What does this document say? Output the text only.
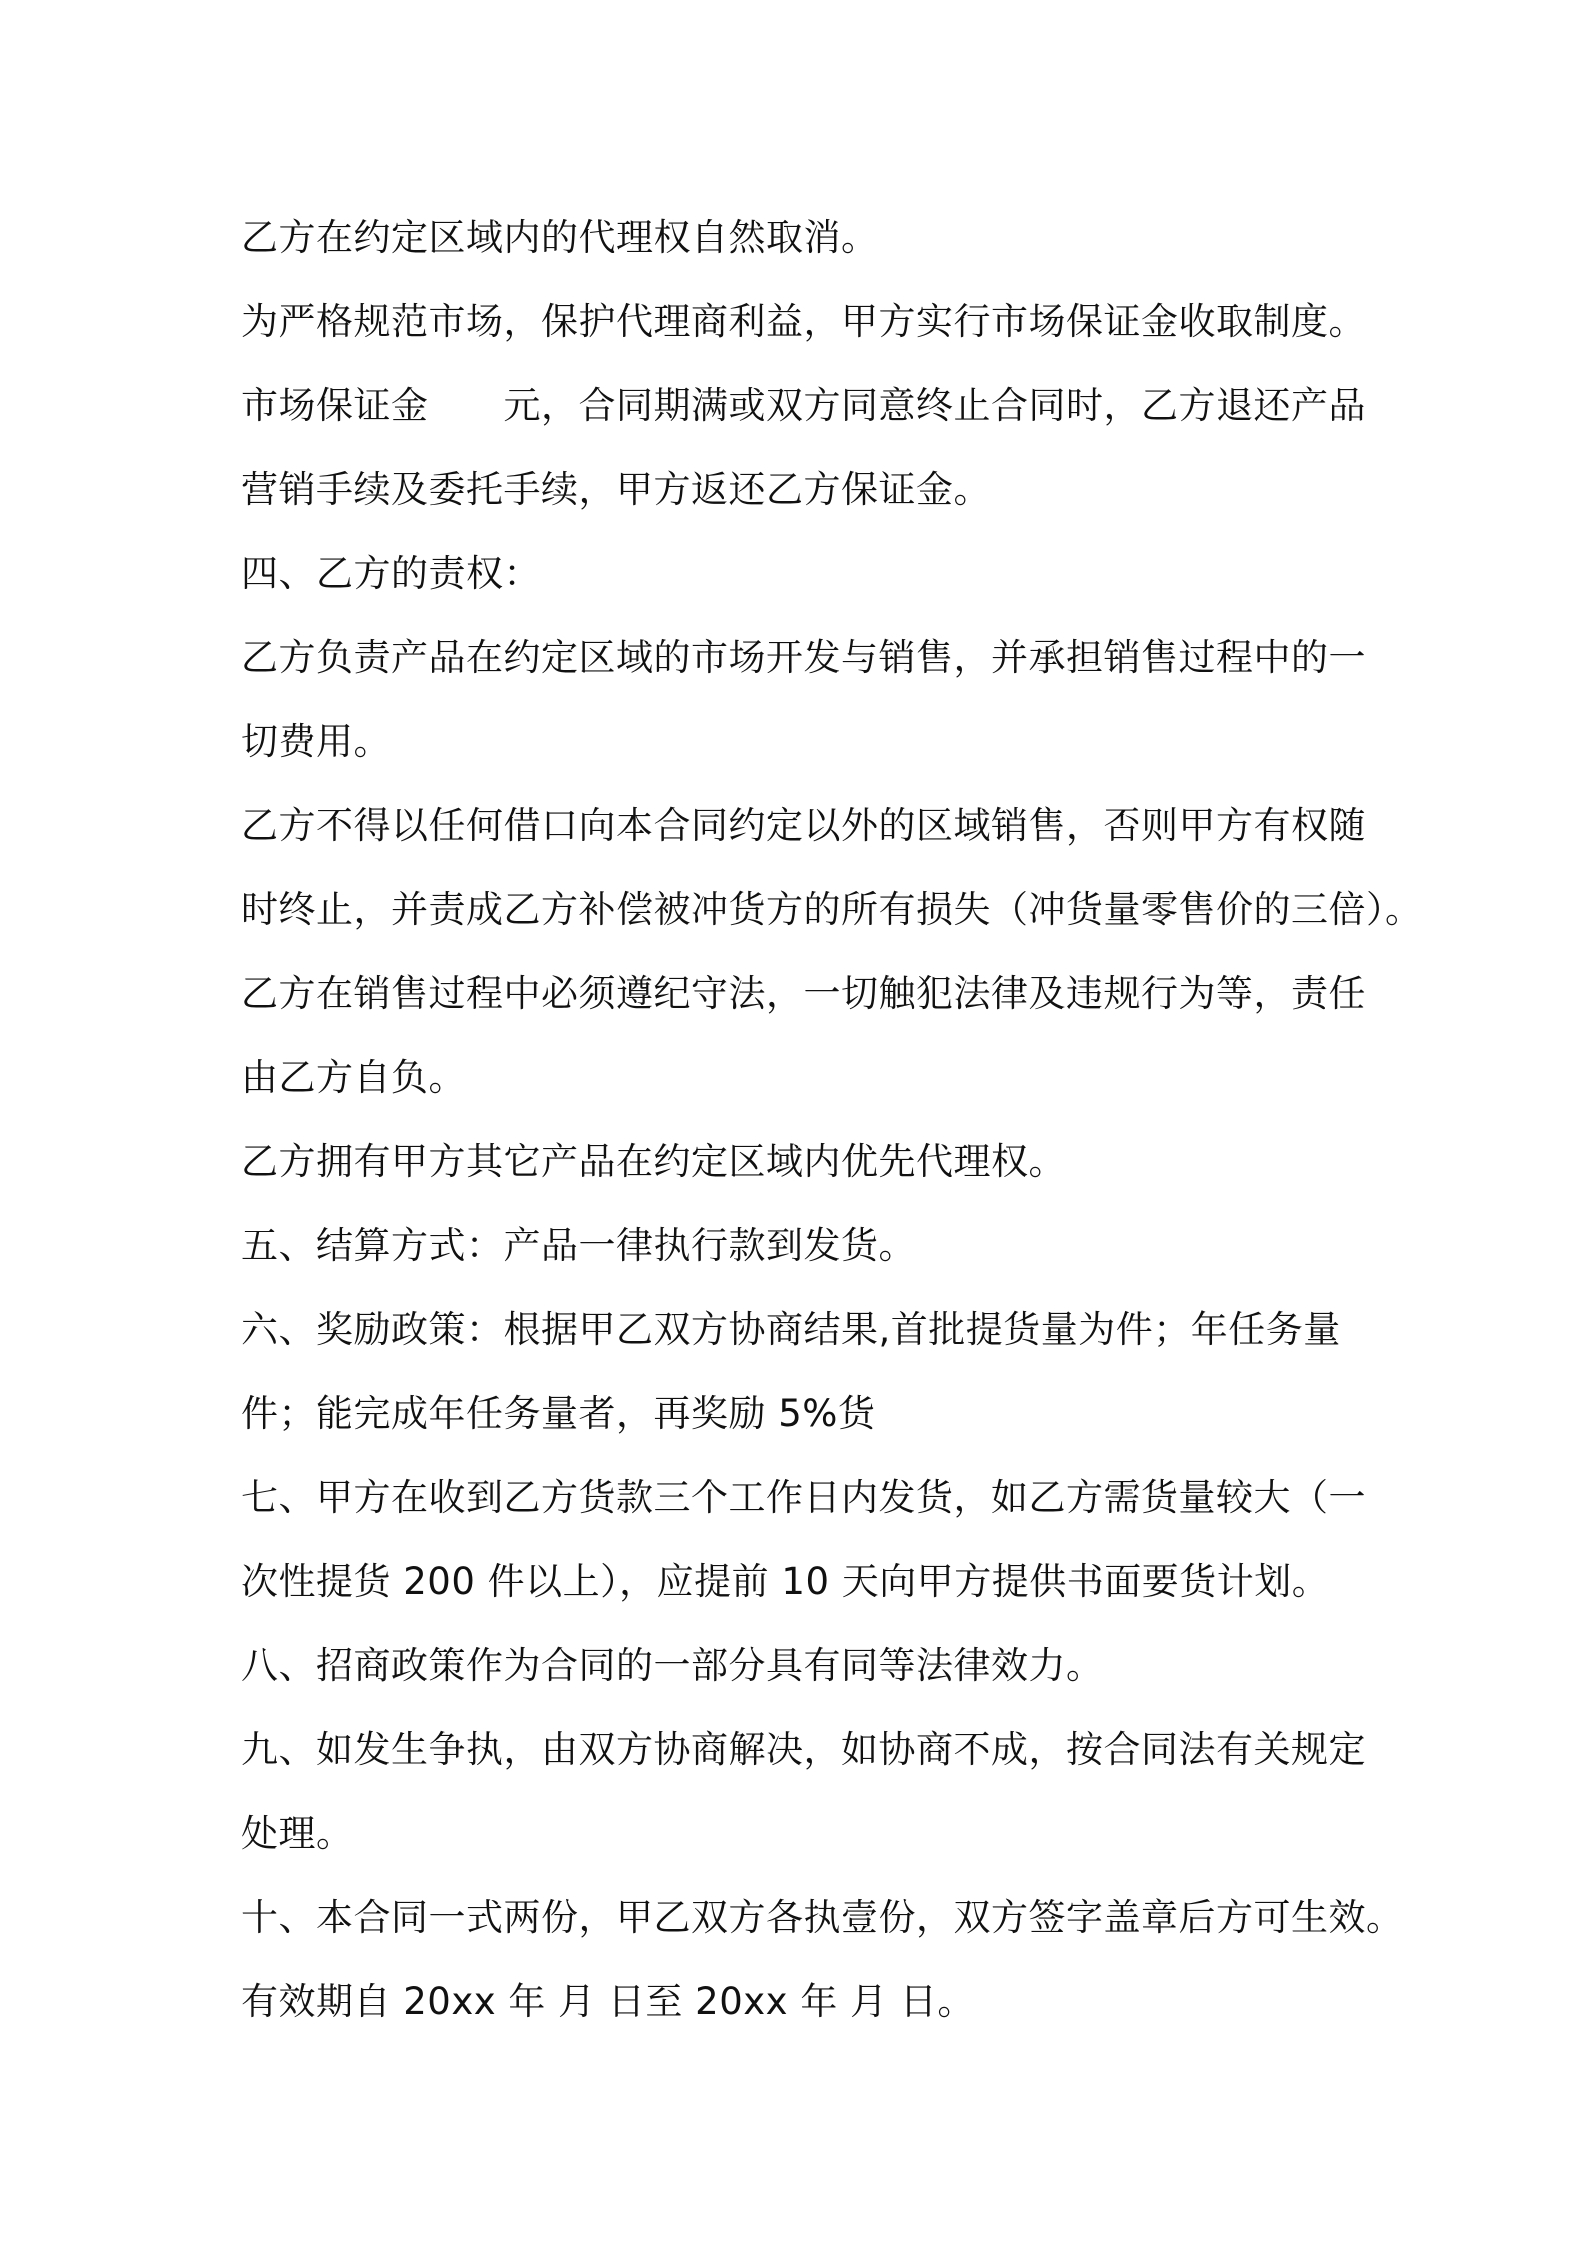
乙方在约定区域内的代理权自然取消。
为严格规范市场，保护代理商利益，甲方实行市场保证金收取制度。
市场保证金　　元，合同期满或双方同意终止合同时，乙方退还产品
营销手续及委托手续，甲方返还乙方保证金。
四、乙方的责权：
乙方负责产品在约定区域的市场开发与销售，并承担销售过程中的一
切费用。
乙方不得以任何借口向本合同约定以外的区域销售，否则甲方有权随
时终止，并责成乙方补偿被冲货方的所有损失（冲货量零售价的三倍）。
乙方在销售过程中必须遵纪守法，一切触犯法律及违规行为等，责任
由乙方自负。
乙方拥有甲方其它产品在约定区域内优先代理权。
五、结算方式：产品一律执行款到发货。
六、奖励政策：根据甲乙双方协商结果,首批提货量为件；年任务量
件；能完成年任务量者，再奖励 5%货
七、甲方在收到乙方货款三个工作日内发货，如乙方需货量较大（一
次性提货 200 件以上），应提前 10 天向甲方提供书面要货计划。
八、招商政策作为合同的一部分具有同等法律效力。
九、如发生争执，由双方协商解决，如协商不成，按合同法有关规定
处理。
十、本合同一式两份，甲乙双方各执壹份，双方签字盖章后方可生效。
有效期自 20xx 年 月 日至 20xx 年 月 日。
